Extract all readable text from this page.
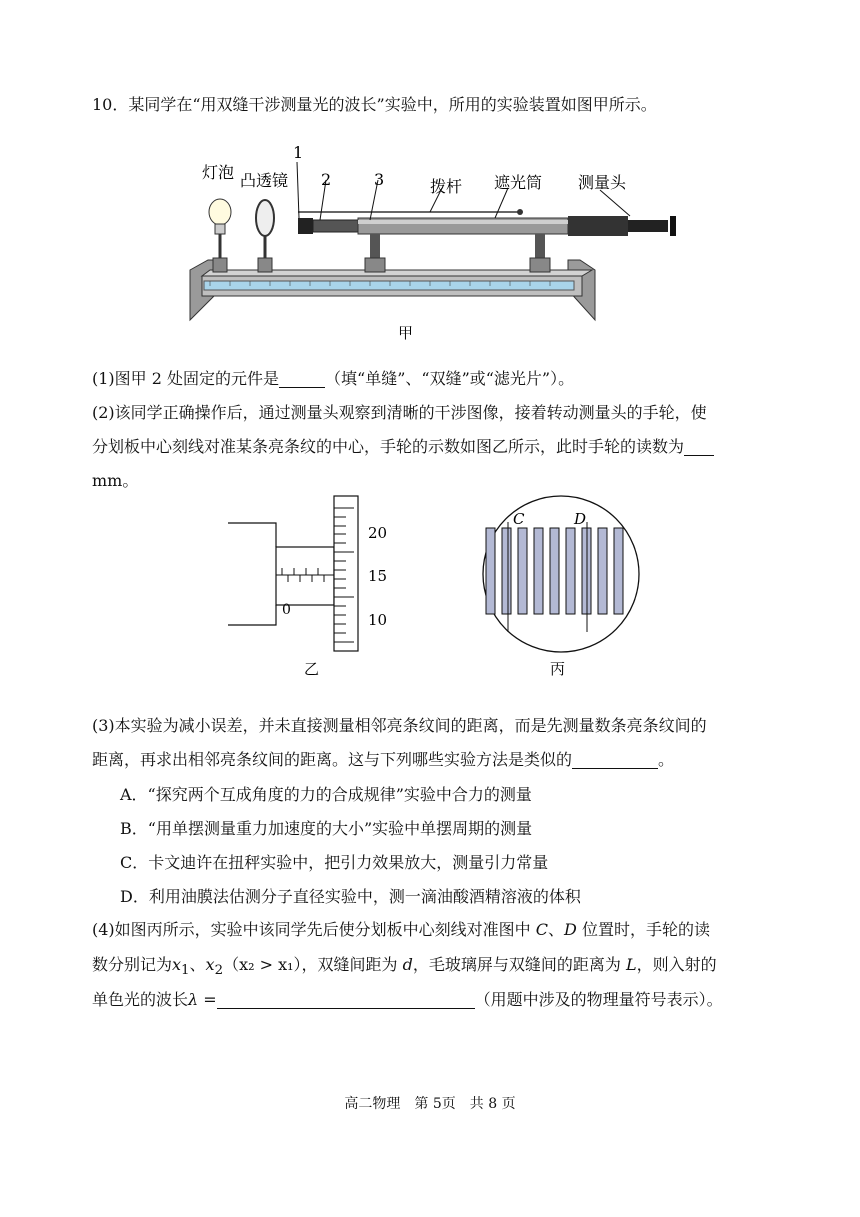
10．某同学在“用双缝干涉测量光的波长”实验中，所用的实验装置如图甲所示。
灯泡 凸透镜
1
2	3	拨杆 遮光筒 测量头
甲
(1)图甲 2 处固定的元件是	（填“单缝”、“双缝”或“滤光片”）。
(2)该同学正确操作后，通过测量头观察到清晰的干涉图像，接着转动测量头的手轮，使
分划板中心刻线对准某条亮条纹的中心，手轮的示数如图乙所示，此时手轮的读数为
mm。
20
15
10
0
乙
C	D
丙
(3)本实验为减小误差，并未直接测量相邻亮条纹间的距离，而是先测量数条亮条纹间的
距离，再求出相邻亮条纹间的距离。这与下列哪些实验方法是类似的	。
A．“探究两个互成角度的力的合成规律”实验中合力的测量
B．“用单摆测量重力加速度的大小”实验中单摆周期的测量
C．卡文迪许在扭秤实验中，把引力效果放大，测量引力常量
D．利用油膜法估测分子直径实验中，测一滴油酸酒精溶液的体积
(4)如图丙所示，实验中该同学先后使分划板中心刻线对准图中 C、D 位置时，手轮的读
数分别记为$x_1$、$x_2(x_2 > x_1)$，双缝间距为 d，毛玻璃屏与双缝间的距离为 L，则入射的
单色光的波长λ =	（用题中涉及的物理量符号表示）。
高二物理　第 5页　共 8 页
